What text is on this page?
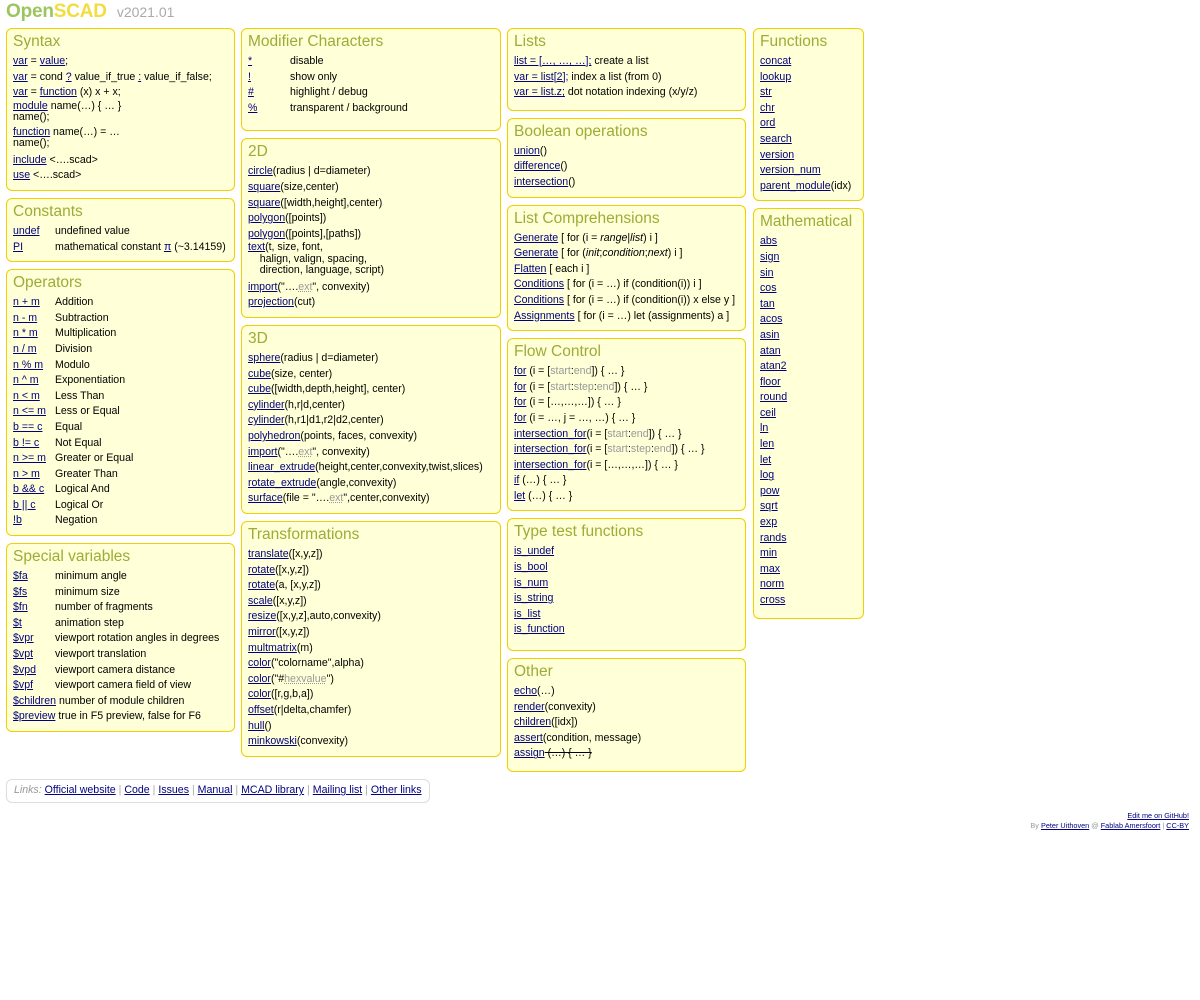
OpenSCAD v2021.01
Syntax
var = value;
var = cond ? value_if_true : value_if_false;
var = function (x) x + x;
module name(…) { … }
name();
function name(…) = …
name();
include <….scad>
use <….scad>
Constants
undef	undefined value
PI	mathematical constant π (~3.14159)
Operators
n + m	Addition
n - m	Subtraction
n * m	Multiplication
n / m	Division
n % m	Modulo
n ^ m	Exponentiation
n < m	Less Than
n <= m	Less or Equal
b == c	Equal
b != c	Not Equal
n >= m	Greater or Equal
n > m	Greater Than
b && c	Logical And
b || c	Logical Or
!b	Negation
Special variables
$fa	minimum angle
$fs	minimum size
$fn	number of fragments
$t	animation step
$vpr	viewport rotation angles in degrees
$vpt	viewport translation
$vpd	viewport camera distance
$vpf	viewport camera field of view
$children number of module children
$preview true in F5 preview, false for F6
Modifier Characters
*	disable
!	show only
#	highlight / debug
%	transparent / background
2D
circle(radius | d=diameter)
square(size,center)
square([width,height],center)
polygon([points])
polygon([points],[paths])
text(t, size, font,
halign, valign, spacing,
direction, language, script)
import("….ext", convexity)
projection(cut)
3D
sphere(radius | d=diameter)
cube(size, center)
cube([width,depth,height], center)
cylinder(h,r|d,center)
cylinder(h,r1|d1,r2|d2,center)
polyhedron(points, faces, convexity)
import("….ext", convexity)
linear_extrude(height,center,convexity,twist,slices)
rotate_extrude(angle,convexity)
surface(file = "….ext",center,convexity)
Transformations
translate([x,y,z])
rotate([x,y,z])
rotate(a, [x,y,z])
scale([x,y,z])
resize([x,y,z],auto,convexity)
mirror([x,y,z])
multmatrix(m)
color("colorname",alpha)
color("#hexvalue")
color([r,g,b,a])
offset(r|delta,chamfer)
hull()
minkowski(convexity)
Lists
list = […, …, …]; create a list
var = list[2]; index a list (from 0)
var = list.z; dot notation indexing (x/y/z)
Boolean operations
union()
difference()
intersection()
List Comprehensions
Generate [ for (i = range|list) i ]
Generate [ for (init;condition;next) i ]
Flatten [ each i ]
Conditions [ for (i = …) if (condition(i)) i ]
Conditions [ for (i = …) if (condition(i)) x else y ]
Assignments [ for (i = …) let (assignments) a ]
Flow Control
for (i = [start:end]) { … }
for (i = [start:step:end]) { … }
for (i = […,…,…]) { … }
for (i = …, j = …, …) { … }
intersection_for(i = [start:end]) { … }
intersection_for(i = [start:step:end]) { … }
intersection_for(i = […,…,…]) { … }
if (…) { … }
let (…) { … }
Type test functions
is_undef
is_bool
is_num
is_string
is_list
is_function
Other
echo(…)
render(convexity)
children([idx])
assert(condition, message)
assign (…) { … }
Functions
concat
lookup
str
chr
ord
search
version
version_num
parent_module(idx)
Mathematical
abs
sign
sin
cos
tan
acos
asin
atan
atan2
floor
round
ceil
ln
len
let
log
pow
sqrt
exp
rands
min
max
norm
cross
Links: Official website | Code | Issues | Manual | MCAD library | Mailing list | Other links
Edit me on GitHub!
By Peter Uithoven @ Fablab Amersfoort | CC-BY
